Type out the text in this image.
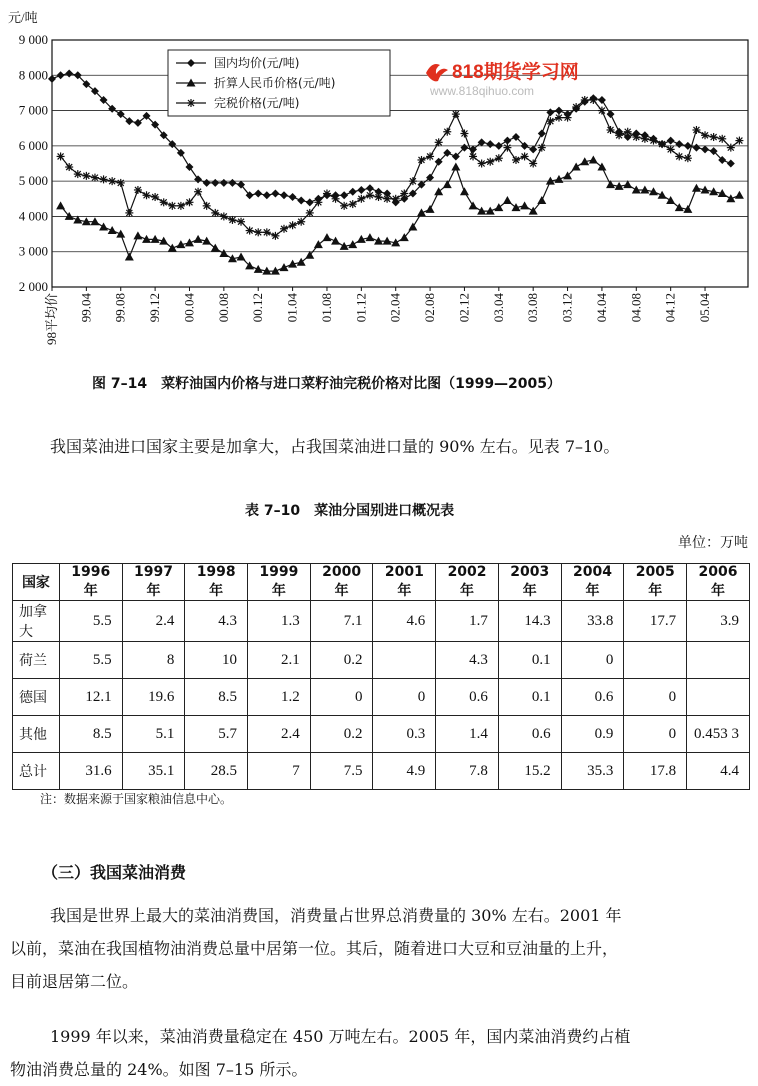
9 000
8 000
7 000
6 000
5 000
4 000
3 000
2 000
98平均价 99.04 99.08 99.12 00.04 00.08 00.12 01.04 01.08 01.12 02.04 02.08 02.12 03.04 03.08 03.12 04.04 04.08 04.12 05.04
元/吨
国内均价(元/吨)
折算人民币价格(元/吨)
完税价格(元/吨)
818期货学习网
www.818qihuo.com
图 7–14　菜籽油国内价格与进口菜籽油完税价格对比图（1999—2005）
我国菜油进口国家主要是加拿大，占我国菜油进口量的 90% 左右。见表 7–10。
表 7–10　菜油分国别进口概况表
单位：万吨
国家	1996 年	1997 年	1998 年	1999 年	2000 年	2001 年	2002 年	2003 年	2004 年	2005 年	2006 年
加拿大	5.5	2.4	4.3	1.3	7.1	4.6	1.7	14.3	33.8	17.7	3.9
荷兰	5.5	8	10	2.1	0.2		4.3	0.1	0		
德国	12.1	19.6	8.5	1.2	0	0	0.6	0.1	0.6	0	
其他	8.5	5.1	5.7	2.4	0.2	0.3	1.4	0.6	0.9	0	0.453 3
总计	31.6	35.1	28.5	7	7.5	4.9	7.8	15.2	35.3	17.8	4.4
注：数据来源于国家粮油信息中心。
（三）我国菜油消费
我国是世界上最大的菜油消费国，消费量占世界总消费量的 30% 左右。2001 年
以前，菜油在我国植物油消费总量中居第一位。其后，随着进口大豆和豆油量的上升，
目前退居第二位。
1999 年以来，菜油消费量稳定在 450 万吨左右。2005 年，国内菜油消费约占植
物油消费总量的 24%。如图 7–15 所示。
